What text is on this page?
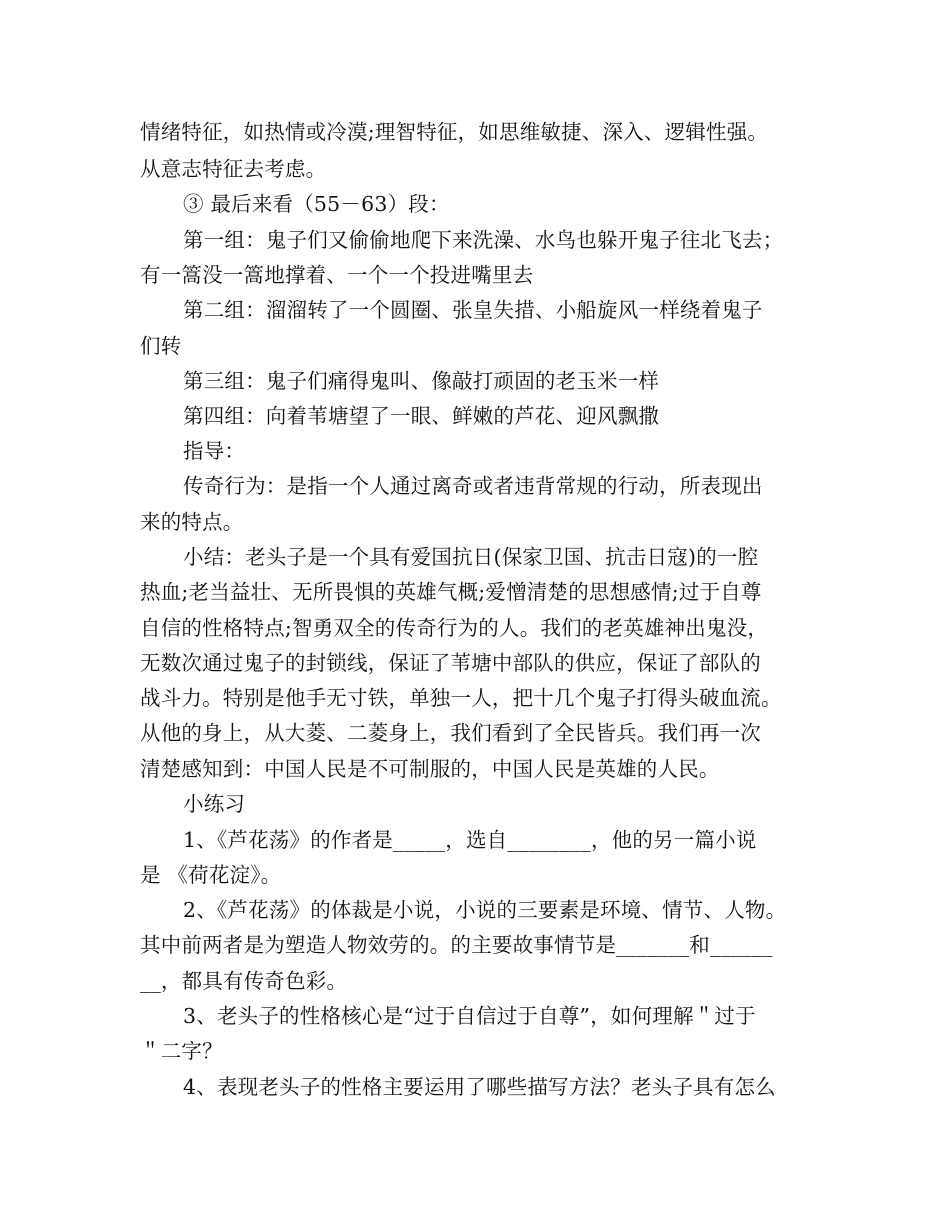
情绪特征，如热情或冷漠;理智特征，如思维敏捷、深入、逻辑性强。
从意志特征去考虑。
③ 最后来看（55－63）段：
第一组：鬼子们又偷偷地爬下来洗澡、水鸟也躲开鬼子往北飞去；
有一篙没一篙地撑着、一个一个投进嘴里去
第二组：溜溜转了一个圆圈、张皇失措、小船旋风一样绕着鬼子
们转
第三组：鬼子们痛得鬼叫、像敲打顽固的老玉米一样
第四组：向着苇塘望了一眼、鲜嫩的芦花、迎风飘撒
指导：
传奇行为：是指一个人通过离奇或者违背常规的行动，所表现出
来的特点。
小结：老头子是一个具有爱国抗日(保家卫国、抗击日寇)的一腔
热血;老当益壮、无所畏惧的英雄气概;爱憎清楚的思想感情;过于自尊
自信的性格特点;智勇双全的传奇行为的人。我们的老英雄神出鬼没，
无数次通过鬼子的封锁线，保证了苇塘中部队的供应，保证了部队的
战斗力。特别是他手无寸铁，单独一人，把十几个鬼子打得头破血流。
从他的身上，从大菱、二菱身上，我们看到了全民皆兵。我们再一次
清楚感知到：中国人民是不可制服的，中国人民是英雄的人民。
小练习
1、《芦花荡》的作者是_____，选自________，他的另一篇小说
是 《荷花淀》。
2、《芦花荡》的体裁是小说，小说的三要素是环境、情节、人物。
其中前两者是为塑造人物效劳的。的主要故事情节是_______和______
__，都具有传奇色彩。
3、老头子的性格核心是“过于自信过于自尊”，如何理解＂过于
＂二字？
4、表现老头子的性格主要运用了哪些描写方法？老头子具有怎么
